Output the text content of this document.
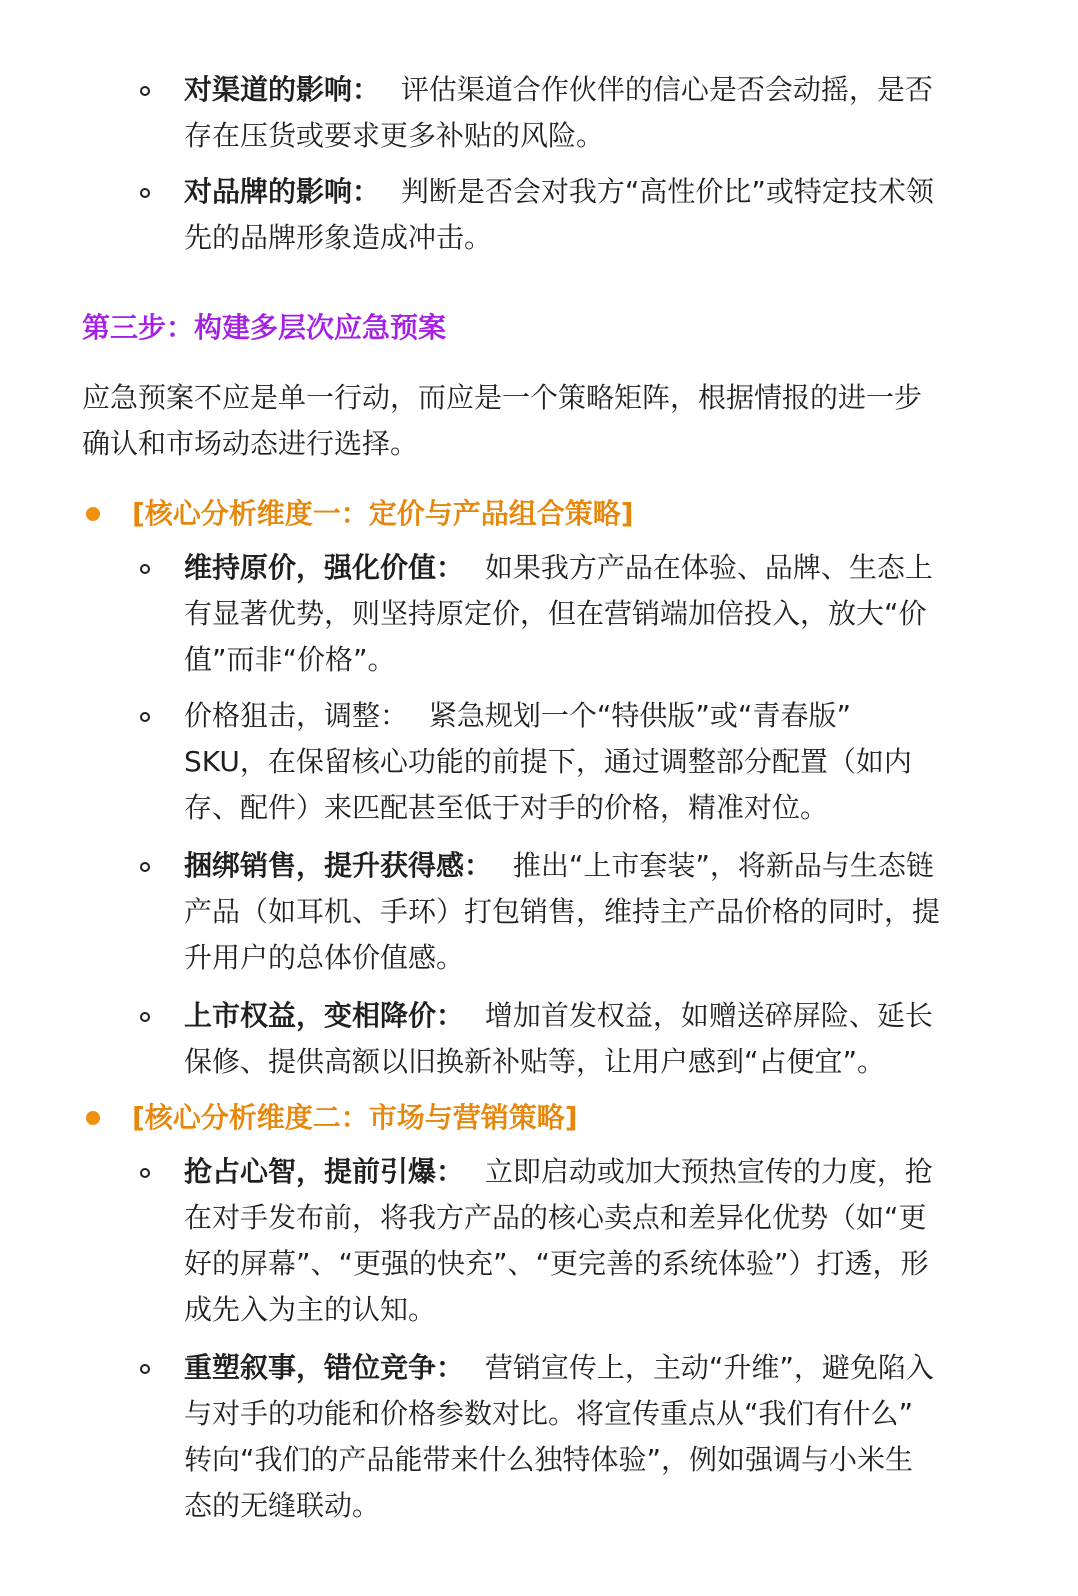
对渠道的影响： 评估渠道合作伙伴的信心是否会动摇，是否
存在压货或要求更多补贴的风险。
对品牌的影响： 判断是否会对我方“高性价比”或特定技术领
先的品牌形象造成冲击。
第三步：构建多层次应急预案
应急预案不应是单一行动，而应是一个策略矩阵，根据情报的进一步
确认和市场动态进行选择。
[核心分析维度一：定价与产品组合策略]
维持原价，强化价值： 如果我方产品在体验、品牌、生态上
有显著优势，则坚持原定价，但在营销端加倍投入，放大“价
值”而非“价格”。
价格狙击，调整： 紧急规划一个“特供版”或“青春版”
SKU，在保留核心功能的前提下，通过调整部分配置（如内
存、配件）来匹配甚至低于对手的价格，精准对位。
捆绑销售，提升获得感： 推出“上市套装”，将新品与生态链
产品（如耳机、手环）打包销售，维持主产品价格的同时，提
升用户的总体价值感。
上市权益，变相降价： 增加首发权益，如赠送碎屏险、延长
保修、提供高额以旧换新补贴等，让用户感到“占便宜”。
[核心分析维度二：市场与营销策略]
抢占心智，提前引爆： 立即启动或加大预热宣传的力度，抢
在对手发布前，将我方产品的核心卖点和差异化优势（如“更
好的屏幕”、“更强的快充”、“更完善的系统体验”）打透，形
成先入为主的认知。
重塑叙事，错位竞争： 营销宣传上，主动“升维”，避免陷入
与对手的功能和价格参数对比。将宣传重点从“我们有什么”
转向“我们的产品能带来什么独特体验”，例如强调与小米生
态的无缝联动。
